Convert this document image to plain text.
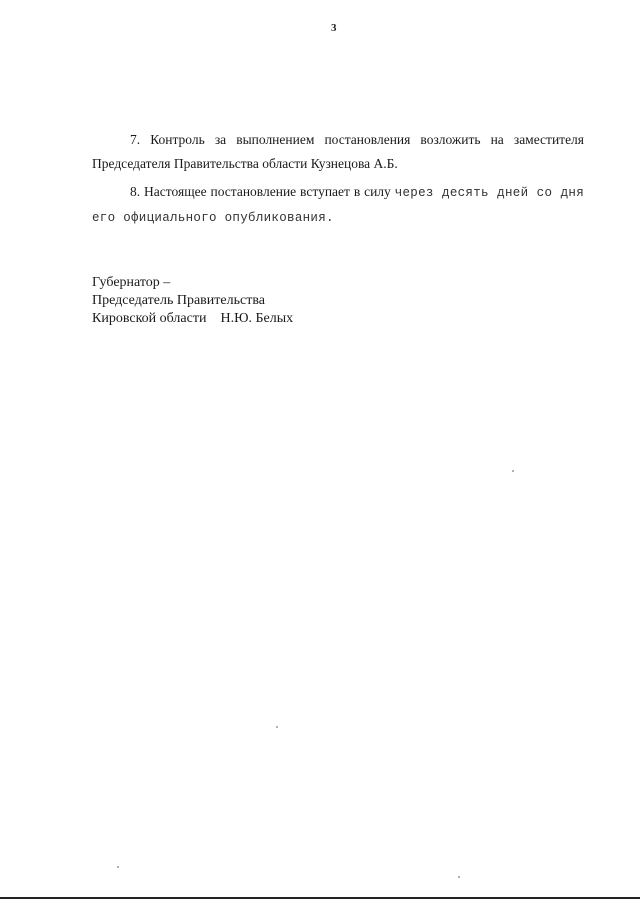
3

7. Контроль за выполнением постановления возложить на заместителя Председателя Правительства области Кузнецова А.Б.

8. Настоящее постановление вступает в силу через десять дней со дня его официального опубликования.

Губернатор –
Председатель Правительства
Кировской области Н.Ю. Белых
